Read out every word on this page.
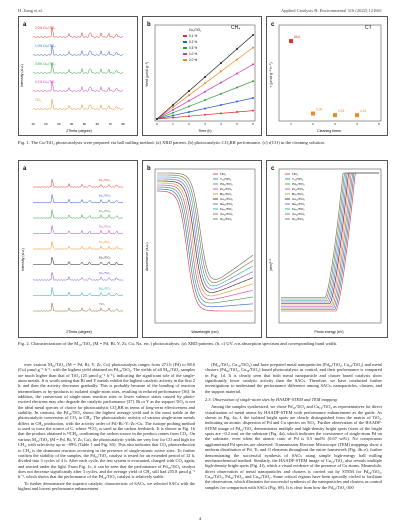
H. Jiang et al.	Applied Catalysis B: Environmental 316 (2022) 121661
a
Intensity (a.u.)
2.0% Cu₁/TiO₂
1.0% Cu₁/TiO₂
0.5% Cu₁/TiO₂
0.1% Cu₁/TiO₂
TiO₂
10	20	30	40	50	60	70	80
2Theta (degree)
b	CH₄
Yield (μmol g⁻¹)
Cu₁/TiO₂
0.1 %
0.2 %
0.5 %
1.0 %
2.0 %
0	1	2	3	4	5	6
Time (h)
c	CT
r (μmol g⁻¹ h⁻¹)
86.6
6.09	4.33	4.23
1	2	3	4	5
Cleaning times
Fig. 1. The Cu/TiO₂ photocatalysts were prepared via ball milling method. (a) XRD pattern. (b) photocatalytic CO₂RR performance. (c) r(CO) in the cleaning solution.
a
Intensity (a.u.)
M₁₀/TiO₂
M₂₀/TiO₂
M₃₀/TiO₂
M₄₀/TiO₂
M₅₀/TiO₂
M₆₀/TiO₂
M₇₀/TiO₂
M₈₀/TiO₂
TiO₂
2Theta (degree)
b
Absorbance (a.u.)
TiO₂
Y₁₀/TiO₂
Pd₁₀/TiO₂
Zr₁₀/TiO₂
Bi₁₀/TiO₂
Cu₁₀/TiO₂
Na₁₀/TiO₂
Fe₁₀/TiO₂
Co₁₀/TiO₂
Ni₁₀/TiO₂
Wavelength (nm)
c
(αhν)¹ᐟ²
TiO₂
Y₁₀/TiO₂
Pd₁₀/TiO₂
Zr₁₀/TiO₂
Bi₁₀/TiO₂
Cu₁₀/TiO₂
Na₁₀/TiO₂
Fe₁₀/TiO₂
Co₁₀/TiO₂
Ni₁₀/TiO₂
Photo energy (eV)
Fig. 2. Characterization of the M₁₀/TiO₂ (M = Pd, Bi, Y, Zr, Cu, Na, etc.) photocatalysts. (a) XRD patterns. (b, c) UV–vis absorption spectrum and corresponding band width.

over various M₁₀/TiO₂ (M = Pd, Bi, Y, Zr, Cu) photocatalysts ranges from 271.6 (Pd) to 88.6 (Cu) µmol g⁻¹ h⁻¹, with the highest yield obtained on Pd₁₀/TiO₂. The yields of all M₁₀/TiO₂ samples are much higher than that of TiO₂ (25 µmol g⁻¹ h⁻¹), indicating the significant role of the single-atom metals. It is worth noting that Bi and Y metals exhibit the highest catalytic activity in the first 2 h, and then the activity decreases gradually. This is probably because of the bonding of reaction intermediates or by-products to isolated single-atom sites, resulting in reduced performance [36]. In addition, the conversion of single-atom reaction sites to lower valence states caused by photo-excited electrons may also degrade the catalytic performance [37]. Bi or Y as the support TiO₂ is not the ideal metal species of choice for photocatalytic CO₂RR in terms of long-term effectiveness and stability. In contrast, the Pd₁₀/TiO₂ shows the highest average yield and is the most stable in the photocatalytic conversion of CO₂ to CH₄. The photocatalytic activity of various single-atom metals differs in CH₄ production, with the activity order of Pd>Bi>Y>Zr>Cu. The isotope probing method is used to trace the source of C, where ¹³CO₂ is used as the carbon feedstock. It is shown in Fig. 1b that the product obtained is ¹³CH₄, confirming the carbon source in the product comes from CO₂. On various M₁₀/TiO₂ (M = Pd, Bi, Y, Zr, Cu), the photocatalytic yields are very low for CO and high for CH₄, with selectivity up to ~99% (Table 1 and Fig. S5). This also indicates that CO₂ photoreduction to CH₄ is the dominant reaction occurring in the presence of single-atomic active sites. To further confirm the stability of the samples, the Pd₁₀/TiO₂ catalyst is tested for an extended period of 12 h, divided into 3 cycles of 4 h. After each cycle, the test system is evacuated, charged with CO₂ again, and reacted under the light. From Fig. 1c, it can be seen that the performance of Pd₁₀/TiO₂ catalyst does not decrease significantly after 3 cycles, and the average yield of CH₄ still had 255.8 µmol g⁻¹ h⁻¹, which shows that the performance of the Pd₁₀/TiO₂ catalyst is relatively stable.

To further demonstrate the superior catalytic characteristic of SACs, we selected SACs with the highest and lowest performance enhancement

(Pd₁₀/TiO₂, Cu₁₀/TiO₂) and have prepared metal nanoparticles (Pd₂₀/TiO₂, Cu₂₀/TiO₂) and metal clusters (Pd₃₀/TiO₂, Cu₃₀/TiO₂) based photocatalysts as control, and their performance is compared in Fig. 1d. It is clearly seen that both metal nanoparticle and cluster based catalysts show significantly lower catalytic activity than the SACs. Therefore, we have conducted further investigations to understand the performance difference among SACs, nanoparticles, clusters, and the support material.

2.3. Observation of single-atom sites by HAADF-STEM and TEM mapping

Among the samples synthesized, we chose Pd₁₀/TiO₂ and Cu₁₀/TiO₂ as representatives for direct visualization of metal atoms by HAADF-STEM with performance enhancement as the guide. As shown in Fig. 4a, f, the isolated bright spots are clearly distinguished from the matrix of TiO₂, indicating an atomic dispersion of Pd and Cu species on TiO₂. Further observation of the HAADF-STEM image of Pd₁₀/TiO₂ demonstrates multiple and high-density bright spots (sizes of the bright spots are ~0.2 nm) on the substrate (Fig. 4a), which indicates the coexistence of single-atom Pd on the substrate, even when the atomic ratio of Pd is 0.5 mol% (0.67 wt%). No conspicuous agglomerated Pd species are observed. Transmission Electron Microscope (TEM) mappings show a uniform distribution of Pd, Ti, and O elements throughout the entire framework (Fig. 4b–e), further demonstrating the successful synthesis of SACs using simple high-energy ball milling mechanochemical method. Similarly, the HAADF-STEM image of Cu₁₀/TiO₂ also reveals multiple high-density bright spots (Fig. 4f), which a visual evidence of the presence of Cu atoms. Meanwhile, direct observation of metal nanoparticles and clusters is carried out by STEM for Pd₂₀/TiO₂, Cu₂₀/TiO₂, Pd₃₀/TiO₂, and Cu₃₀/TiO₂. Some critical regions have been specially circled to facilitate the observation, which illustrates the successful synthesis of the nanoparticles and clusters as control samples for comparison with SACs (Fig. S8). It is clear from how the Pd₁₀/TiO₂-300

4
